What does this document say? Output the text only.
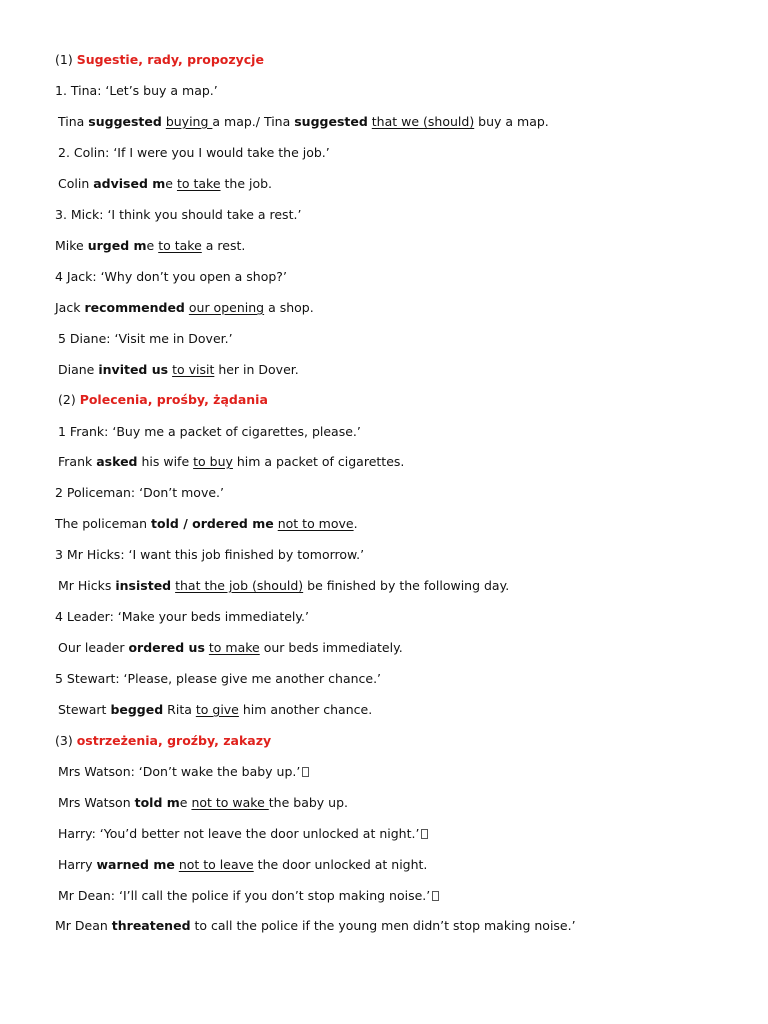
(1) Sugestie, rady, propozycje
1. Tina: ‘Let’s buy a map.’
Tina suggested buying a map./ Tina suggested that we (should) buy a map.
2. Colin: ‘If I were you I would take the job.’
Colin advised me to take the job.
3. Mick: ‘I think you should take a rest.’
Mike urged me to take a rest.
4 Jack: ‘Why don’t you open a shop?’
Jack recommended our opening a shop.
5 Diane: ‘Visit me in Dover.’
Diane invited us to visit her in Dover.
(2) Polecenia, prośby, żądania
1 Frank: ‘Buy me a packet of cigarettes, please.’
Frank asked his wife to buy him a packet of cigarettes.
2 Policeman: ‘Don’t move.’
The policeman told / ordered me not to move.
3 Mr Hicks: ‘I want this job finished by tomorrow.’
Mr Hicks insisted that the job (should) be finished by the following day.
4 Leader: ‘Make your beds immediately.’
Our leader ordered us to make our beds immediately.
5 Stewart: ‘Please, please give me another chance.’
Stewart begged Rita to give him another chance.
(3) ostrzeżenia, groźby, zakazy
Mrs Watson: ‘Don’t wake the baby up.’
Mrs Watson told me not to wake the baby up.
Harry: ‘You’d better not leave the door unlocked at night.’
Harry warned me not to leave the door unlocked at night.
Mr Dean: ‘I’ll call the police if you don’t stop making noise.’
Mr Dean threatened to call the police if the young men didn’t stop making noise.’
